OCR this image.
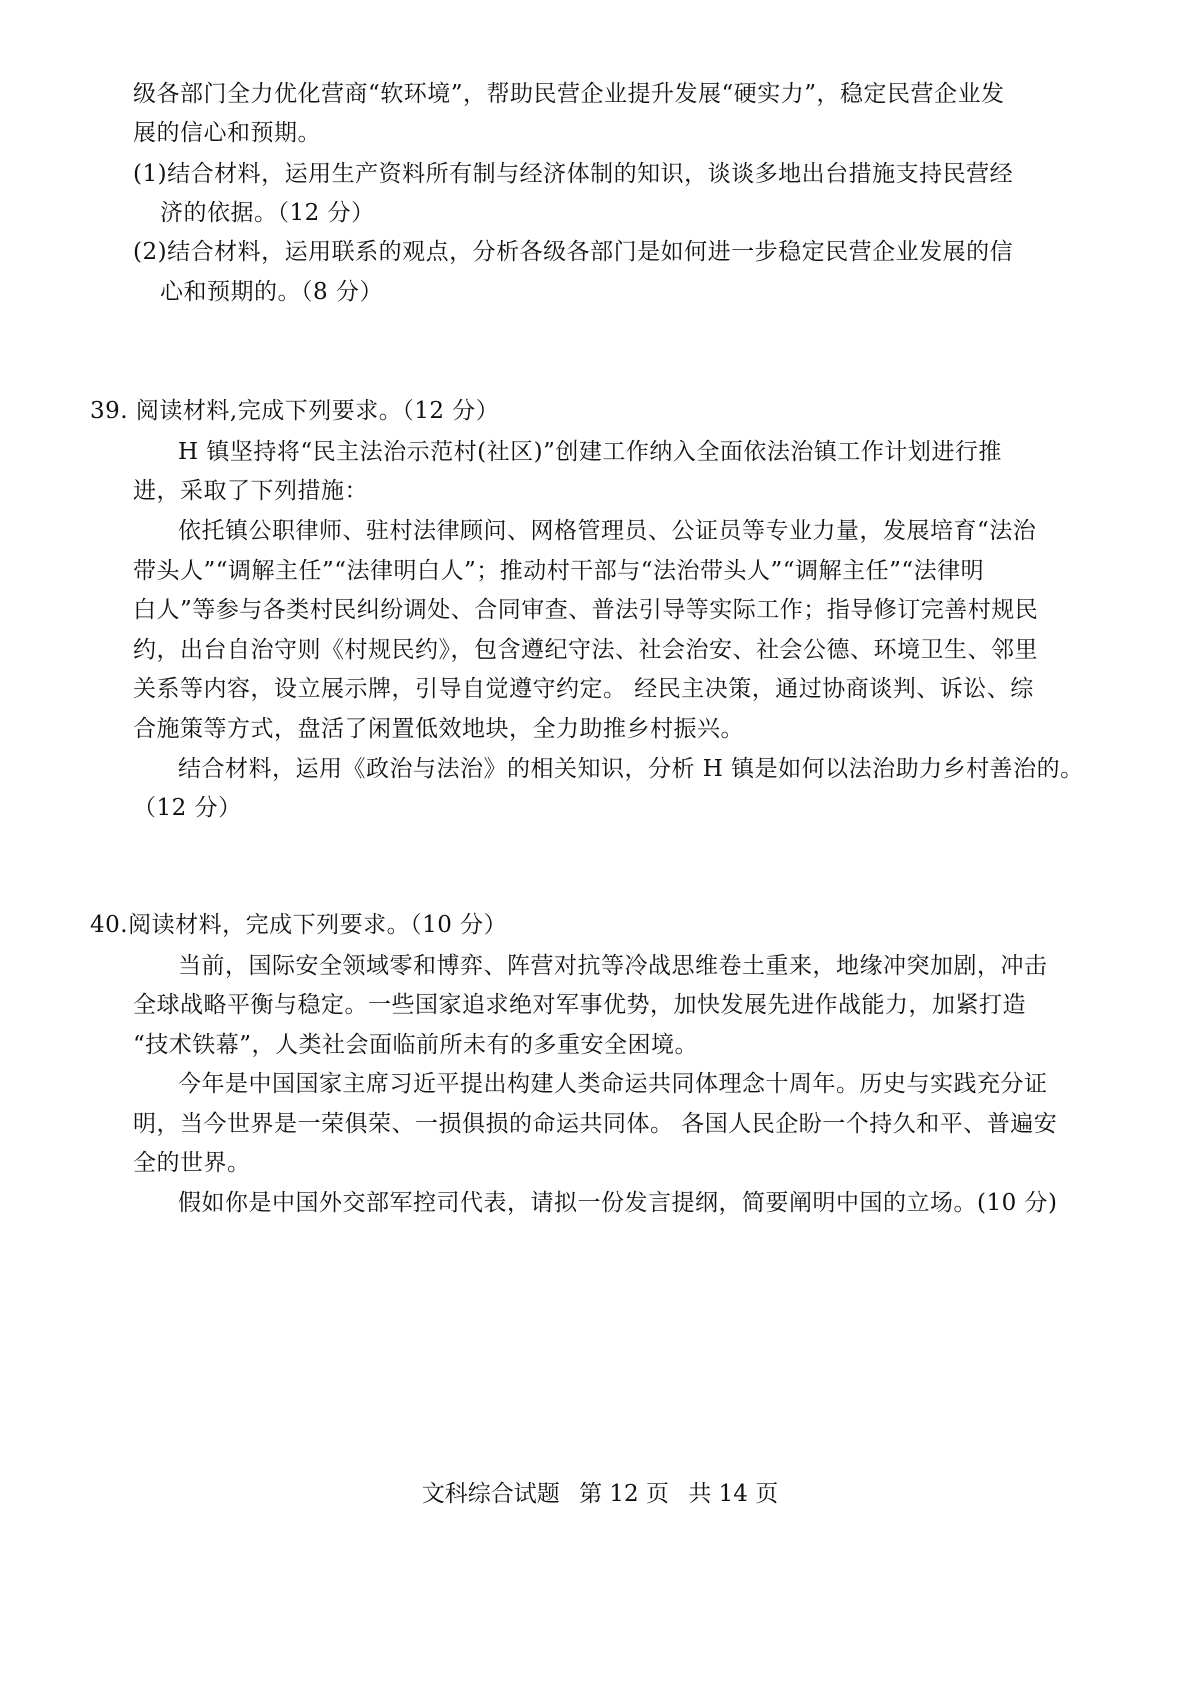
级各部门全力优化营商“软环境”，帮助民营企业提升发展“硬实力”，稳定民营企业发
展的信心和预期。
(1)结合材料，运用生产资料所有制与经济体制的知识，谈谈多地出台措施支持民营经
济的依据。（12 分）
(2)结合材料，运用联系的观点，分析各级各部门是如何进一步稳定民营企业发展的信
心和预期的。（8 分）
39. 阅读材料,完成下列要求。（12 分）
H 镇坚持将“民主法治示范村(社区)”创建工作纳入全面依法治镇工作计划进行推
进，采取了下列措施：
依托镇公职律师、驻村法律顾问、网格管理员、公证员等专业力量，发展培育“法治
带头人”“调解主任”“法律明白人”；推动村干部与“法治带头人”“调解主任”“法律明
白人”等参与各类村民纠纷调处、合同审查、普法引导等实际工作；指导修订完善村规民
约，出台自治守则《村规民约》，包含遵纪守法、社会治安、社会公德、环境卫生、邻里
关系等内容，设立展示牌，引导自觉遵守约定。 经民主决策，通过协商谈判、诉讼、综
合施策等方式，盘活了闲置低效地块，全力助推乡村振兴。
结合材料，运用《政治与法治》的相关知识，分析 H 镇是如何以法治助力乡村善治的。
（12 分）
40.阅读材料，完成下列要求。（10 分）
当前，国际安全领域零和博弈、阵营对抗等冷战思维卷土重来，地缘冲突加剧，冲击
全球战略平衡与稳定。一些国家追求绝对军事优势，加快发展先进作战能力，加紧打造
“技术铁幕”，人类社会面临前所未有的多重安全困境。
今年是中国国家主席习近平提出构建人类命运共同体理念十周年。历史与实践充分证
明，当今世界是一荣俱荣、一损俱损的命运共同体。 各国人民企盼一个持久和平、普遍安
全的世界。
假如你是中国外交部军控司代表，请拟一份发言提纲，简要阐明中国的立场。(10 分)
文科综合试题 第 12 页 共 14 页
